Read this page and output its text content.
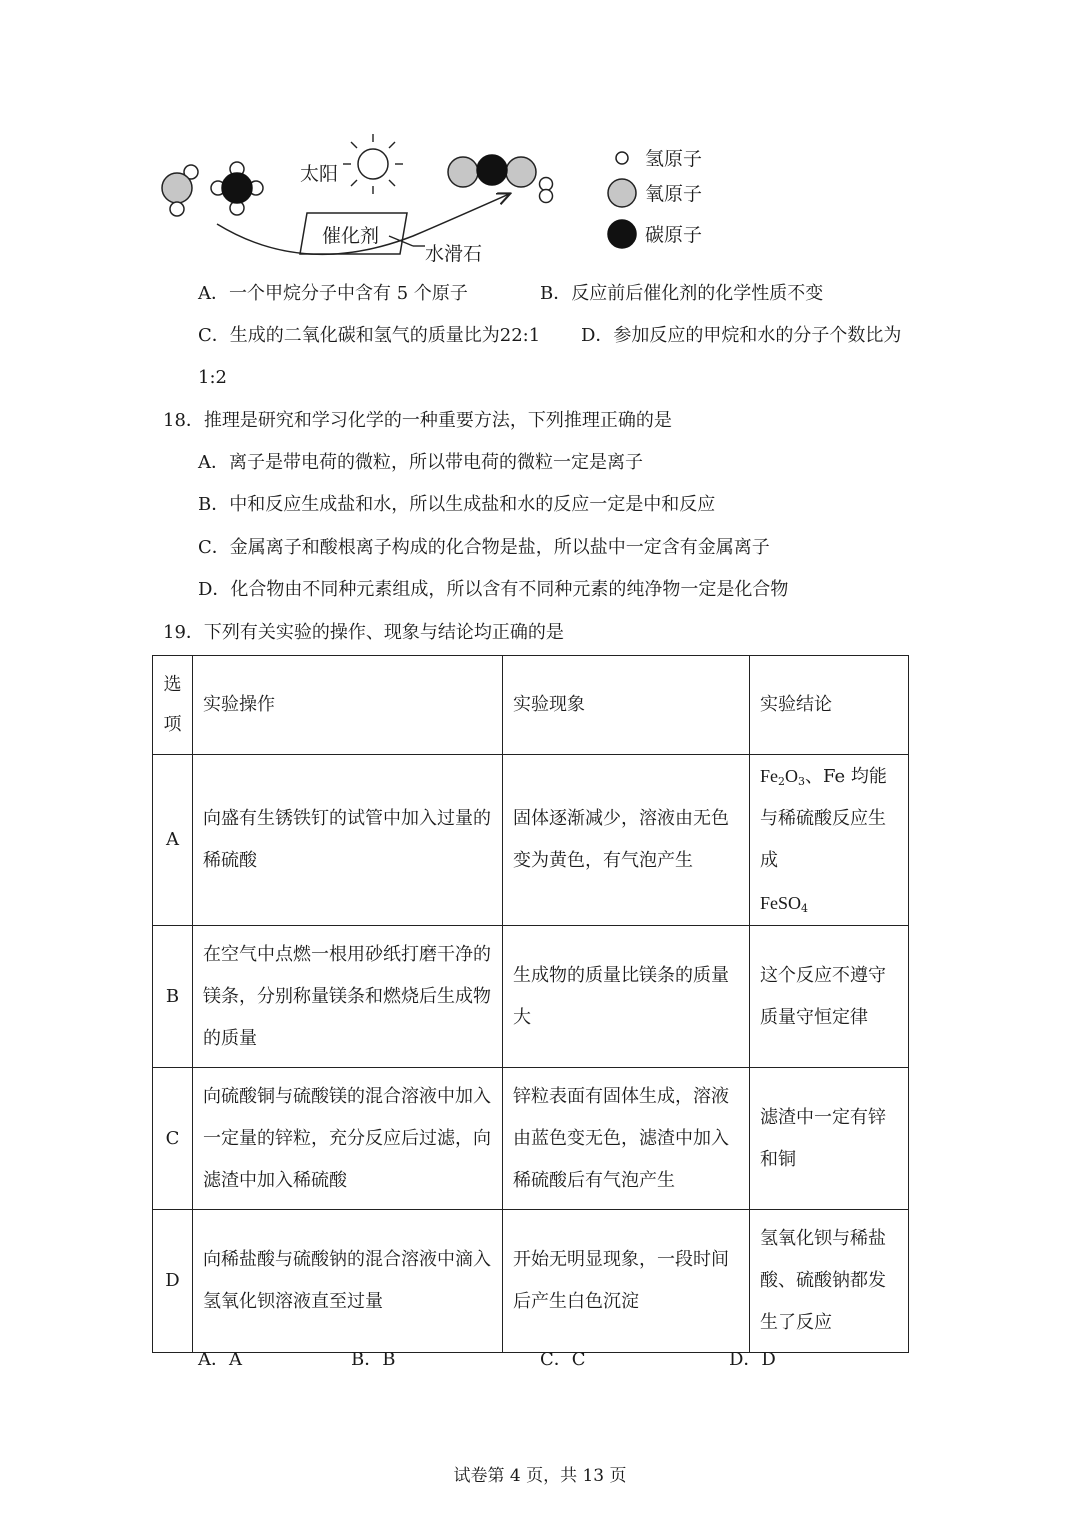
太阳
催化剂
水滑石
氢原子
氧原子
碳原子
A．一个甲烷分子中含有 5 个原子	B．反应前后催化剂的化学性质不变
C．生成的二氧化碳和氢气的质量比为22:1 D．参加反应的甲烷和水的分子个数比为
1:2
18．推理是研究和学习化学的一种重要方法，下列推理正确的是
A．离子是带电荷的微粒，所以带电荷的微粒一定是离子
B．中和反应生成盐和水，所以生成盐和水的反应一定是中和反应
C．金属离子和酸根离子构成的化合物是盐，所以盐中一定含有金属离子
D．化合物由不同种元素组成，所以含有不同种元素的纯净物一定是化合物
19．下列有关实验的操作、现象与结论均正确的是
选
项	实验操作	实验现象	实验结论
A	向盛有生锈铁钉的试管中加入过量的稀硫酸	固体逐渐减少，溶液由无色变为黄色，有气泡产生	$Fe_2O_3$、Fe 均能与稀硫酸反应生成
FeSO$_4$
B	在空气中点燃一根用砂纸打磨干净的镁条，分别称量镁条和燃烧后生成物的质量	生成物的质量比镁条的质量大	这个反应不遵守质量守恒定律
C	向硫酸铜与硫酸镁的混合溶液中加入一定量的锌粒，充分反应后过滤，向滤渣中加入稀硫酸	锌粒表面有固体生成，溶液由蓝色变无色，滤渣中加入稀硫酸后有气泡产生	滤渣中一定有锌和铜
D	向稀盐酸与硫酸钠的混合溶液中滴入氢氧化钡溶液直至过量	开始无明显现象，一段时间后产生白色沉淀	氢氧化钡与稀盐酸、硫酸钠都发生了反应
A．A	B．B	C．C	D．D
试卷第 4 页，共 13 页
